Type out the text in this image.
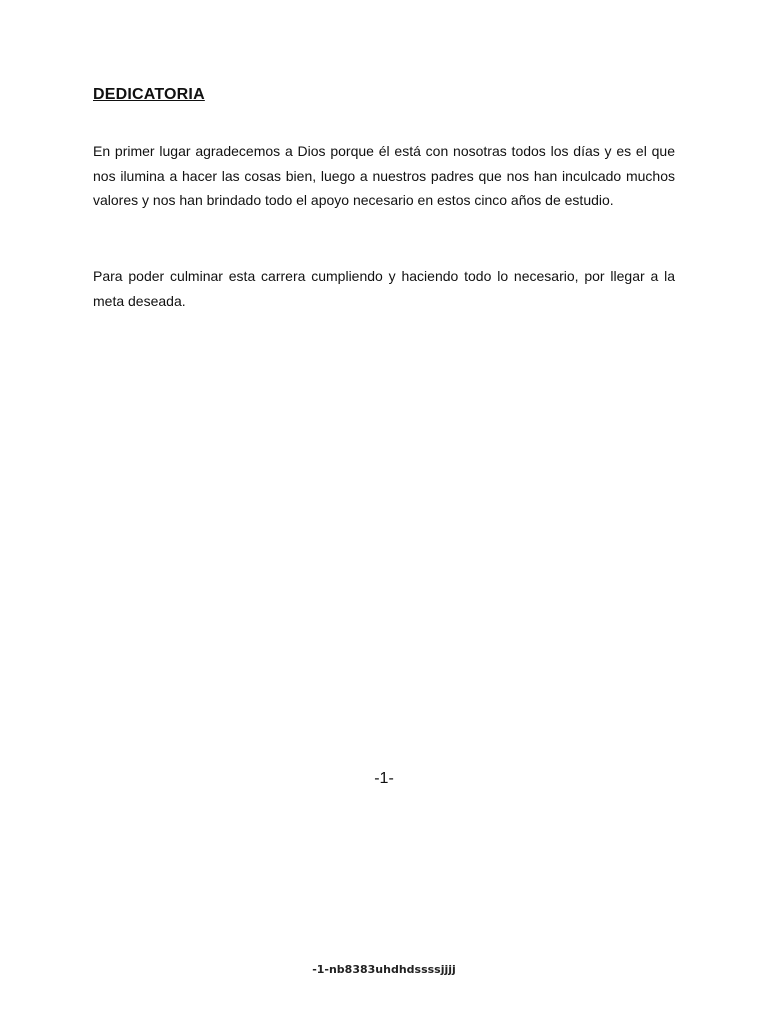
DEDICATORIA

En primer lugar agradecemos a Dios porque él está con nosotras todos los días y es el que nos ilumina a hacer las cosas bien, luego a nuestros padres que nos han inculcado muchos valores y nos han brindado todo el apoyo necesario en estos cinco años de estudio.

Para poder culminar esta carrera cumpliendo y haciendo todo lo necesario, por llegar a la meta deseada.

-1-

-1-nb8383uhdhdssssjjjj
